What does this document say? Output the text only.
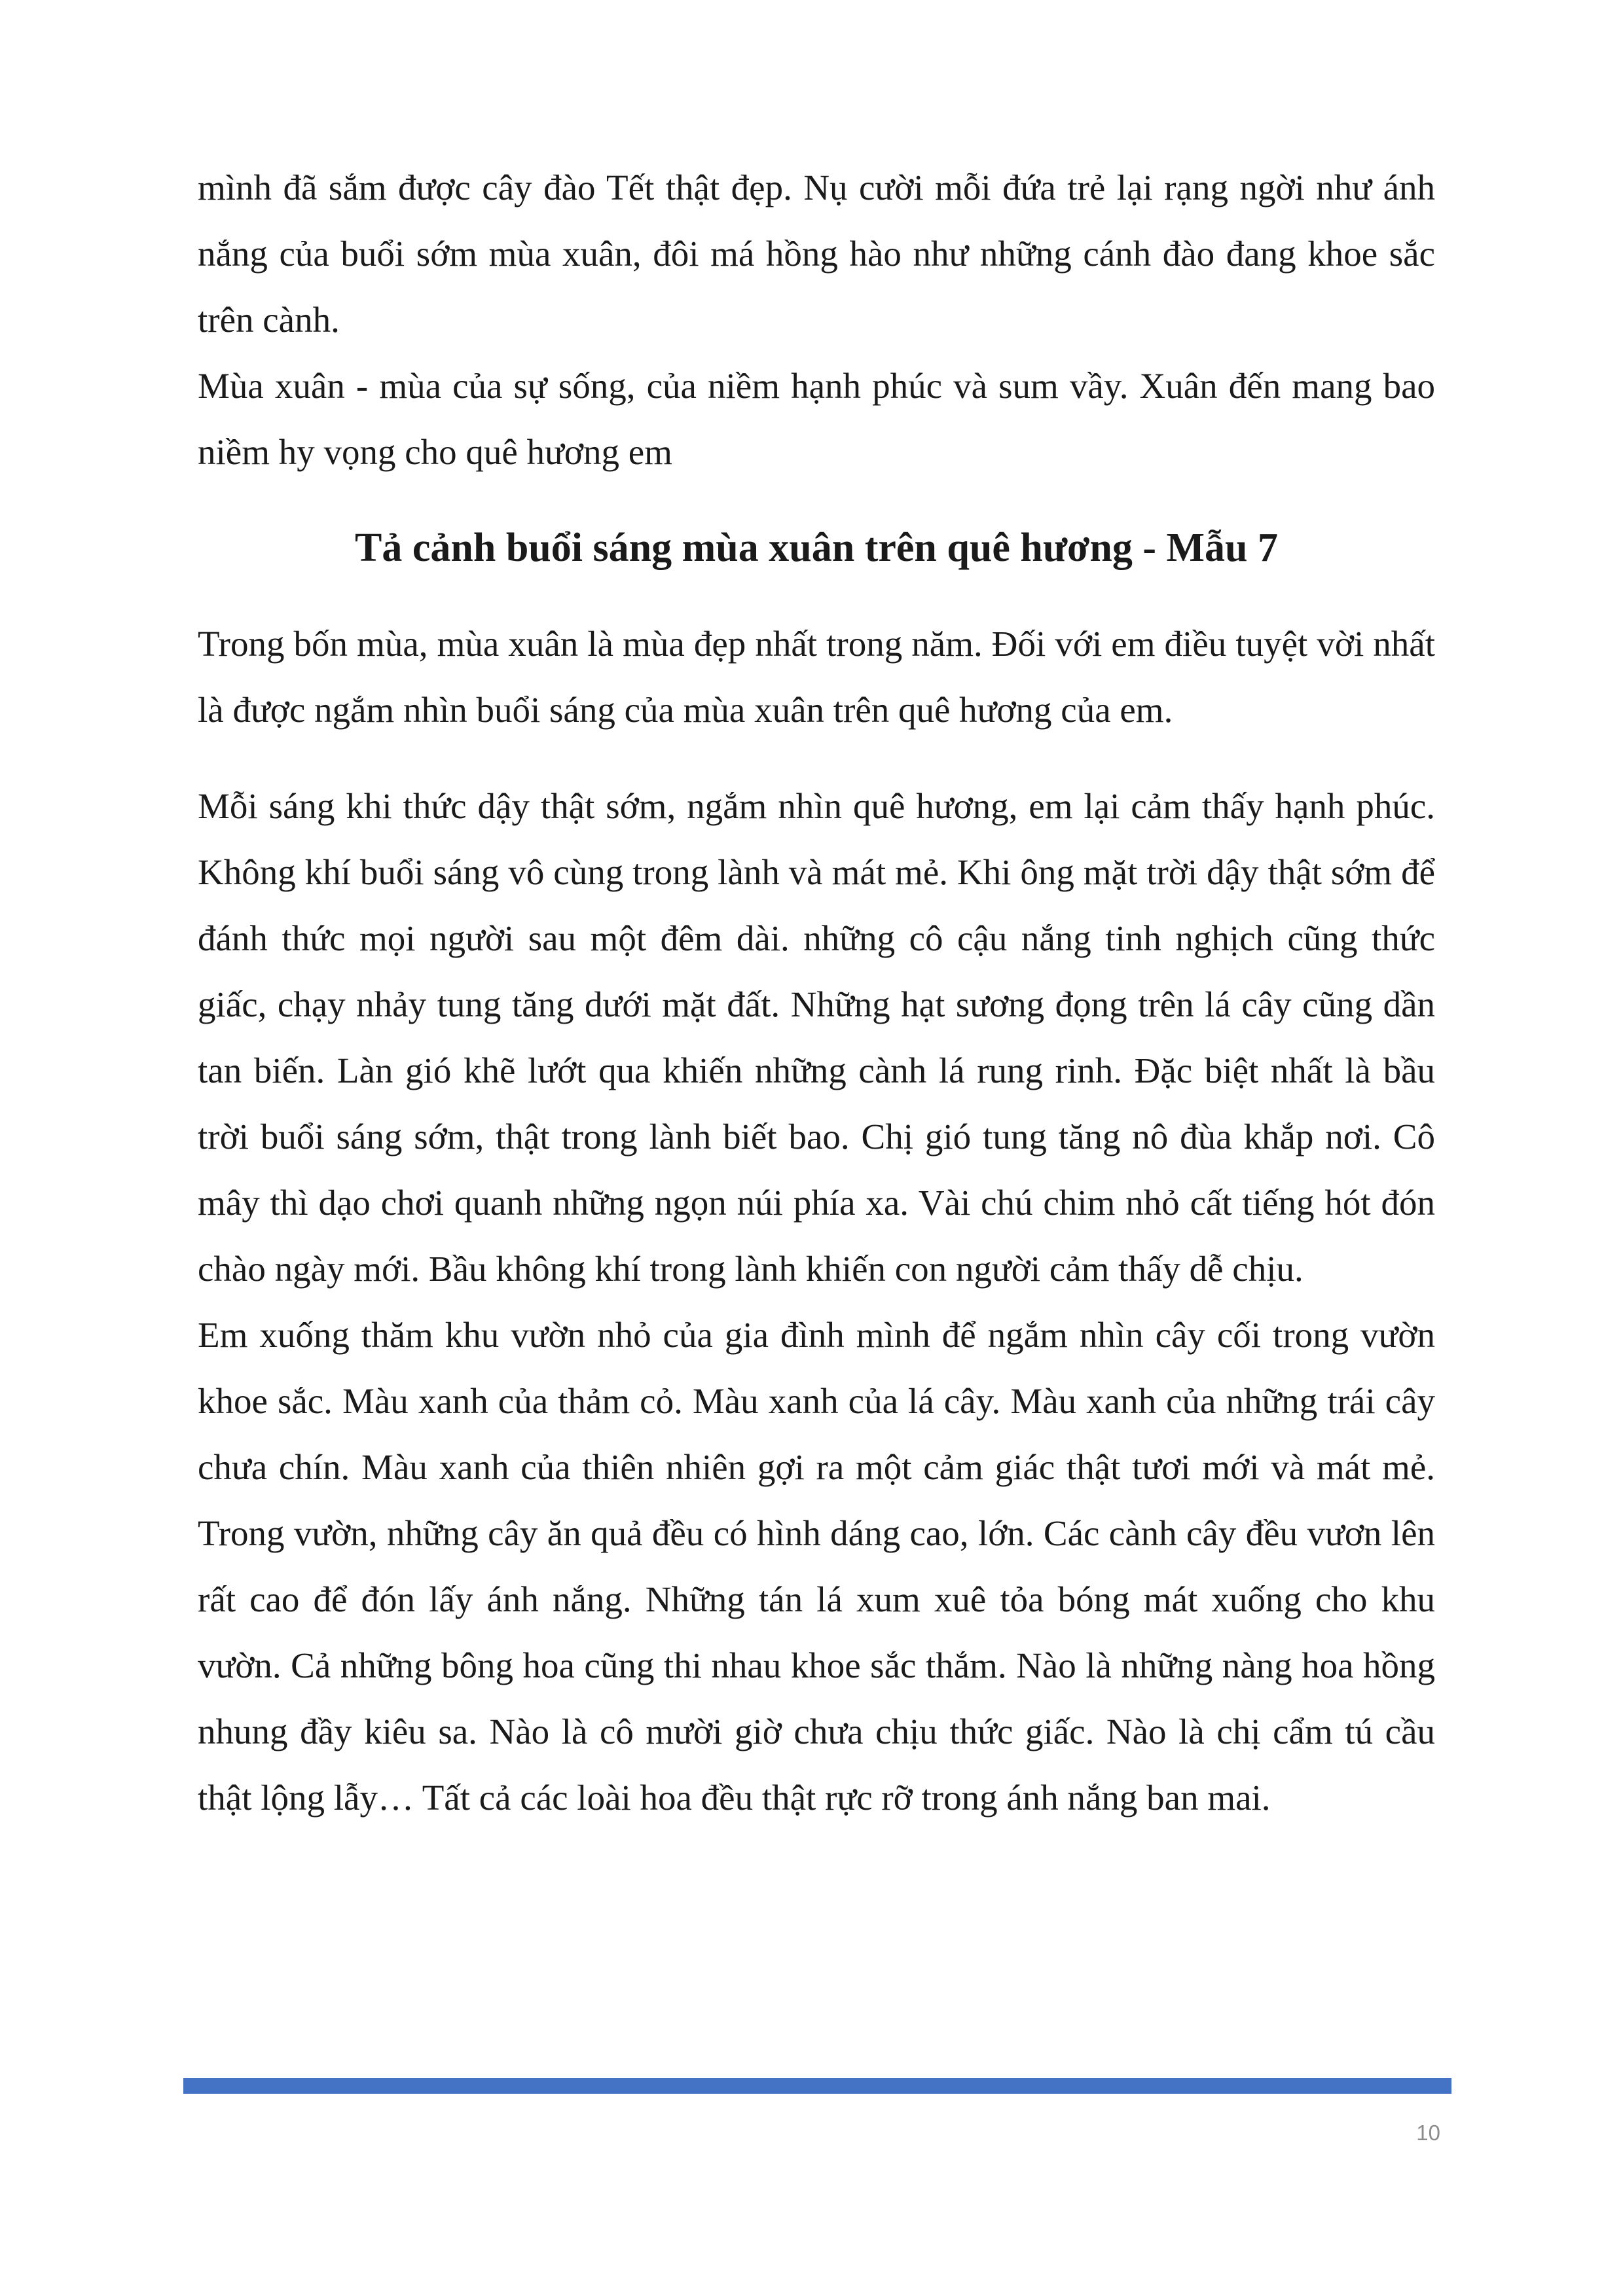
mình đã sắm được cây đào Tết thật đẹp. Nụ cười mỗi đứa trẻ lại rạng ngời như ánh nắng của buổi sớm mùa xuân, đôi má hồng hào như những cánh đào đang khoe sắc trên cành.

Mùa xuân - mùa của sự sống, của niềm hạnh phúc và sum vầy. Xuân đến mang bao niềm hy vọng cho quê hương em

Tả cảnh buổi sáng mùa xuân trên quê hương - Mẫu 7

Trong bốn mùa, mùa xuân là mùa đẹp nhất trong năm. Đối với em điều tuyệt vời nhất là được ngắm nhìn buổi sáng của mùa xuân trên quê hương của em.

Mỗi sáng khi thức dậy thật sớm, ngắm nhìn quê hương, em lại cảm thấy hạnh phúc. Không khí buổi sáng vô cùng trong lành và mát mẻ. Khi ông mặt trời dậy thật sớm để đánh thức mọi người sau một đêm dài. những cô cậu nắng tinh nghịch cũng thức giấc, chạy nhảy tung tăng dưới mặt đất. Những hạt sương đọng trên lá cây cũng dần tan biến. Làn gió khẽ lướt qua khiến những cành lá rung rinh. Đặc biệt nhất là bầu trời buổi sáng sớm, thật trong lành biết bao. Chị gió tung tăng nô đùa khắp nơi. Cô mây thì dạo chơi quanh những ngọn núi phía xa. Vài chú chim nhỏ cất tiếng hót đón chào ngày mới. Bầu không khí trong lành khiến con người cảm thấy dễ chịu.

Em xuống thăm khu vườn nhỏ của gia đình mình để ngắm nhìn cây cối trong vườn khoe sắc. Màu xanh của thảm cỏ. Màu xanh của lá cây. Màu xanh của những trái cây chưa chín. Màu xanh của thiên nhiên gợi ra một cảm giác thật tươi mới và mát mẻ. Trong vườn, những cây ăn quả đều có hình dáng cao, lớn. Các cành cây đều vươn lên rất cao để đón lấy ánh nắng. Những tán lá xum xuê tỏa bóng mát xuống cho khu vườn. Cả những bông hoa cũng thi nhau khoe sắc thắm. Nào là những nàng hoa hồng nhung đầy kiêu sa. Nào là cô mười giờ chưa chịu thức giấc. Nào là chị cẩm tú cầu thật lộng lẫy… Tất cả các loài hoa đều thật rực rỡ trong ánh nắng ban mai.

10
